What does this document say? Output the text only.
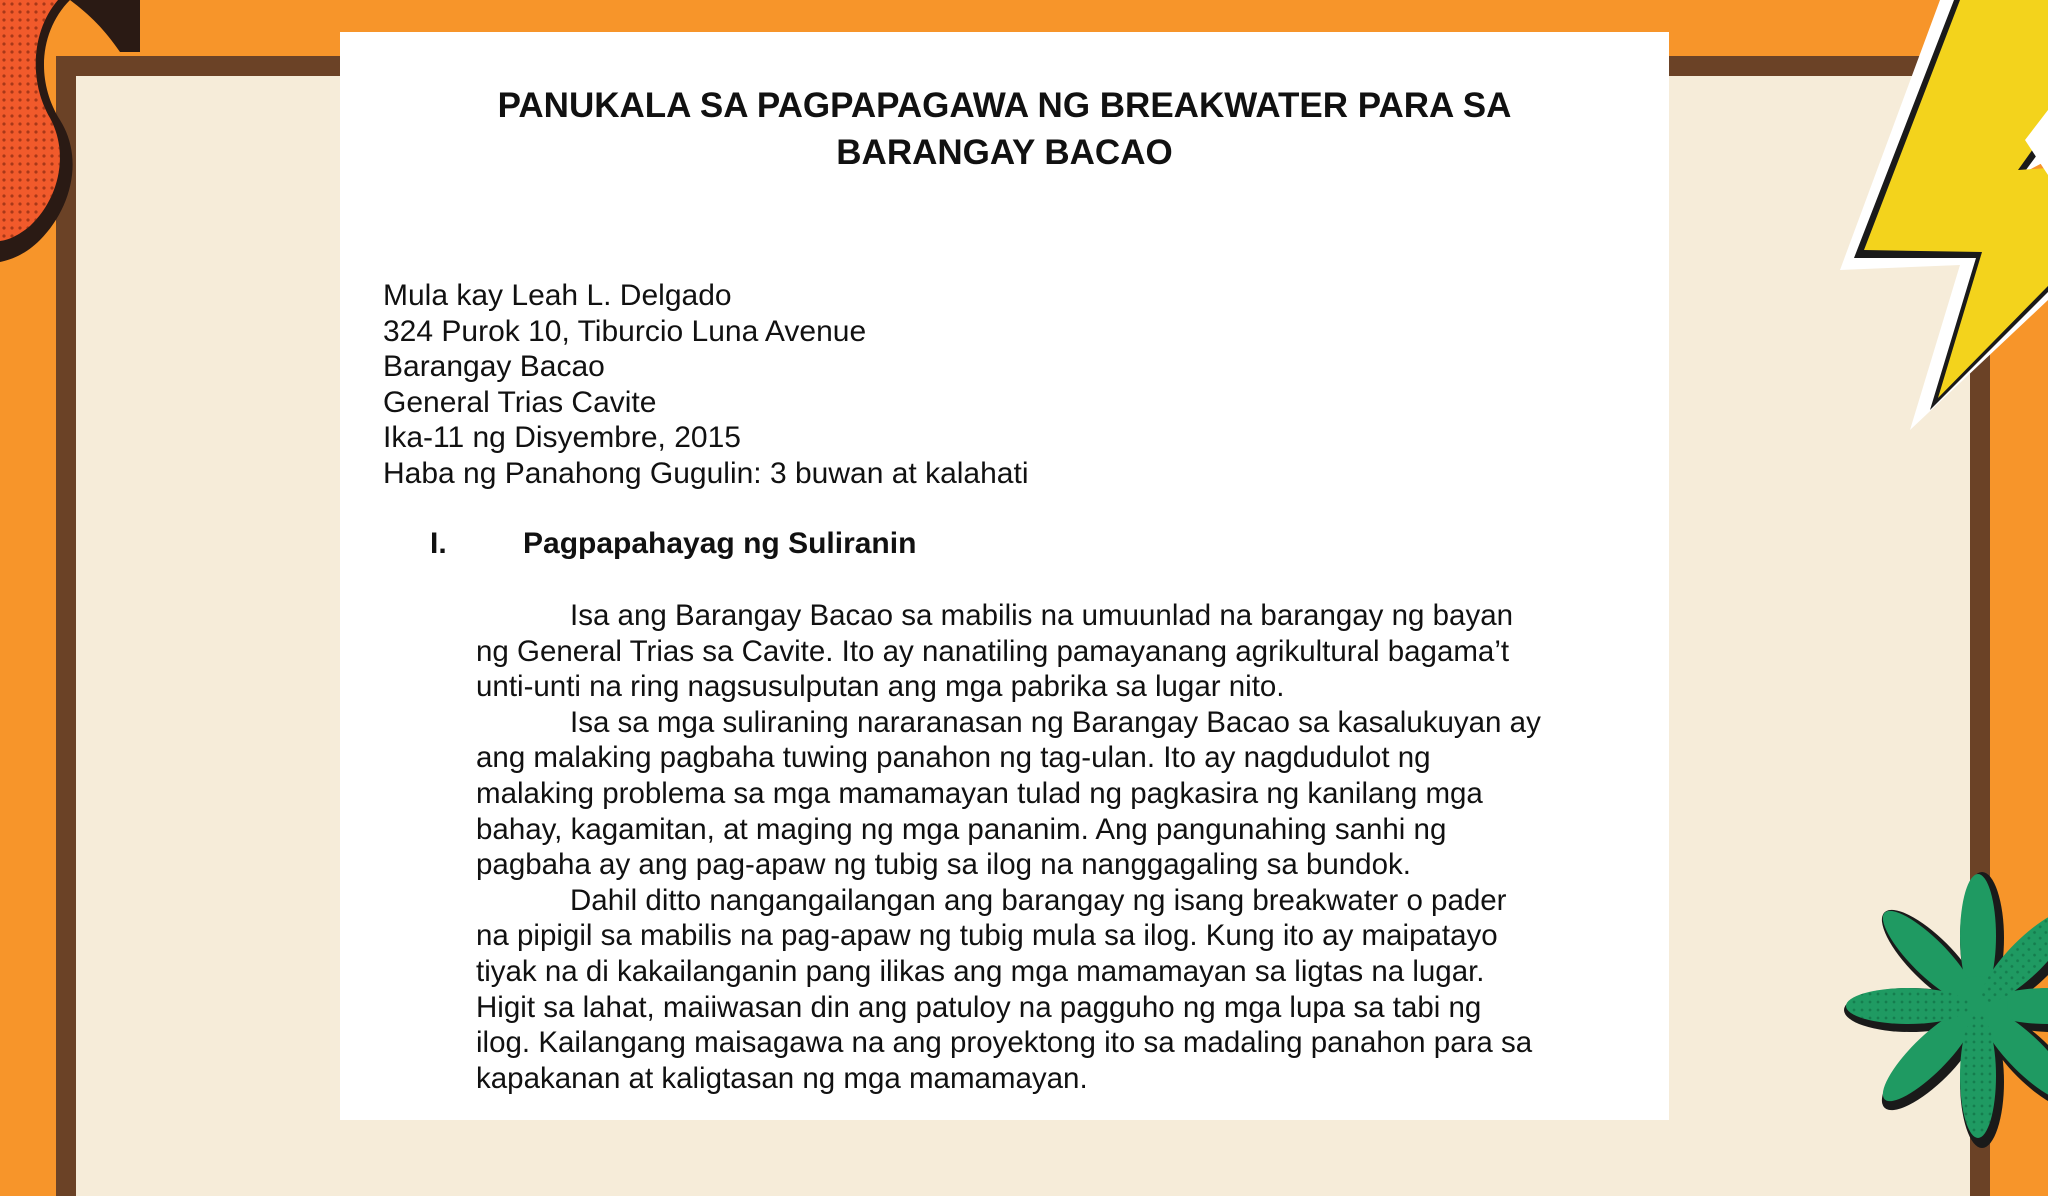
PANUKALA SA PAGPAPAGAWA NG BREAKWATER PARA SA
BARANGAY BACAO
Mula kay Leah L. Delgado
324 Purok 10, Tiburcio Luna Avenue
Barangay Bacao
General Trias Cavite
Ika-11 ng Disyembre, 2015
Haba ng Panahong Gugulin: 3 buwan at kalahati
I.	Pagpapahayag ng Suliranin
Isa ang Barangay Bacao sa mabilis na umuunlad na barangay ng bayan
ng General Trias sa Cavite. Ito ay nanatiling pamayanang agrikultural bagama’t
unti-unti na ring nagsusulputan ang mga pabrika sa lugar nito.
Isa sa mga suliraning nararanasan ng Barangay Bacao sa kasalukuyan ay
ang malaking pagbaha tuwing panahon ng tag-ulan. Ito ay nagdudulot ng
malaking problema sa mga mamamayan tulad ng pagkasira ng kanilang mga
bahay, kagamitan, at maging ng mga pananim. Ang pangunahing sanhi ng
pagbaha ay ang pag-apaw ng tubig sa ilog na nanggagaling sa bundok.
Dahil ditto nangangailangan ang barangay ng isang breakwater o pader
na pipigil sa mabilis na pag-apaw ng tubig mula sa ilog. Kung ito ay maipatayo
tiyak na di kakailanganin pang ilikas ang mga mamamayan sa ligtas na lugar.
Higit sa lahat, maiiwasan din ang patuloy na pagguho ng mga lupa sa tabi ng
ilog. Kailangang maisagawa na ang proyektong ito sa madaling panahon para sa
kapakanan at kaligtasan ng mga mamamayan.
